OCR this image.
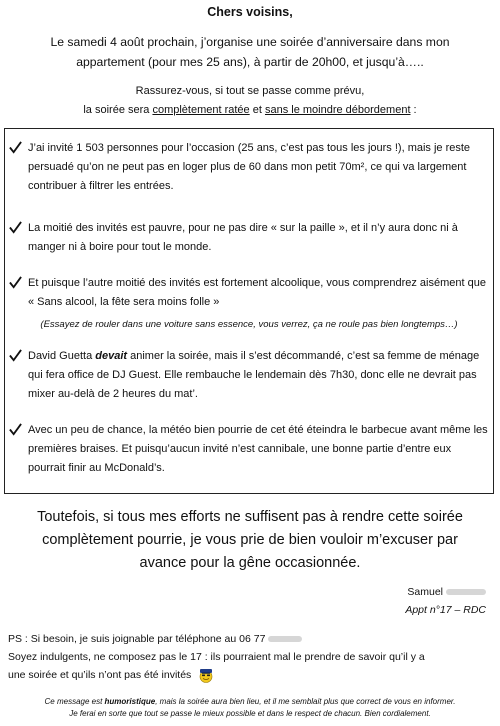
Chers voisins,
Le samedi 4 août prochain, j’organise une soirée d’anniversaire dans mon
appartement (pour mes 25 ans), à partir de 20h00, et jusqu’à…..
Rassurez-vous, si tout se passe comme prévu,
la soirée sera complètement ratée et sans le moindre débordement :
J’ai invité 1 503 personnes pour l’occasion (25 ans, c’est pas tous les jours !), mais je reste persuadé qu’on ne peut pas en loger plus de 60 dans mon petit 70m², ce qui va largement contribuer à filtrer les entrées.
La moitié des invités est pauvre, pour ne pas dire « sur la paille », et il n’y aura donc ni à manger ni à boire pour tout le monde.
Et puisque l’autre moitié des invités est fortement alcoolique, vous comprendrez aisément que « Sans alcool, la fête sera moins folle »
(Essayez de rouler dans une voiture sans essence, vous verrez, ça ne roule pas bien longtemps…)
David Guetta devait animer la soirée, mais il s’est décommandé, c’est sa femme de ménage qui fera office de DJ Guest. Elle rembauche le lendemain dès 7h30, donc elle ne devrait pas mixer au-delà de 2 heures du mat’.
Avec un peu de chance, la météo bien pourrie de cet été éteindra le barbecue avant même les premières braises. Et puisqu’aucun invité n’est cannibale, une bonne partie d’entre eux pourrait finir au McDonald’s.
Toutefois, si tous mes efforts ne suffisent pas à rendre cette soirée
complètement pourrie, je vous prie de bien vouloir m’excuser par
avance pour la gêne occasionnée.
Samuel
Appt n°17 – RDC
PS : Si besoin, je suis joignable par téléphone au 06 77
Soyez indulgents, ne composez pas le 17 : ils pourraient mal le prendre de savoir qu’il y a
une soirée et qu’ils n’ont pas été invités
Ce message est humoristique, mais la soirée aura bien lieu, et il me semblait plus que correct de vous en informer.
Je ferai en sorte que tout se passe le mieux possible et dans le respect de chacun. Bien cordialement.
